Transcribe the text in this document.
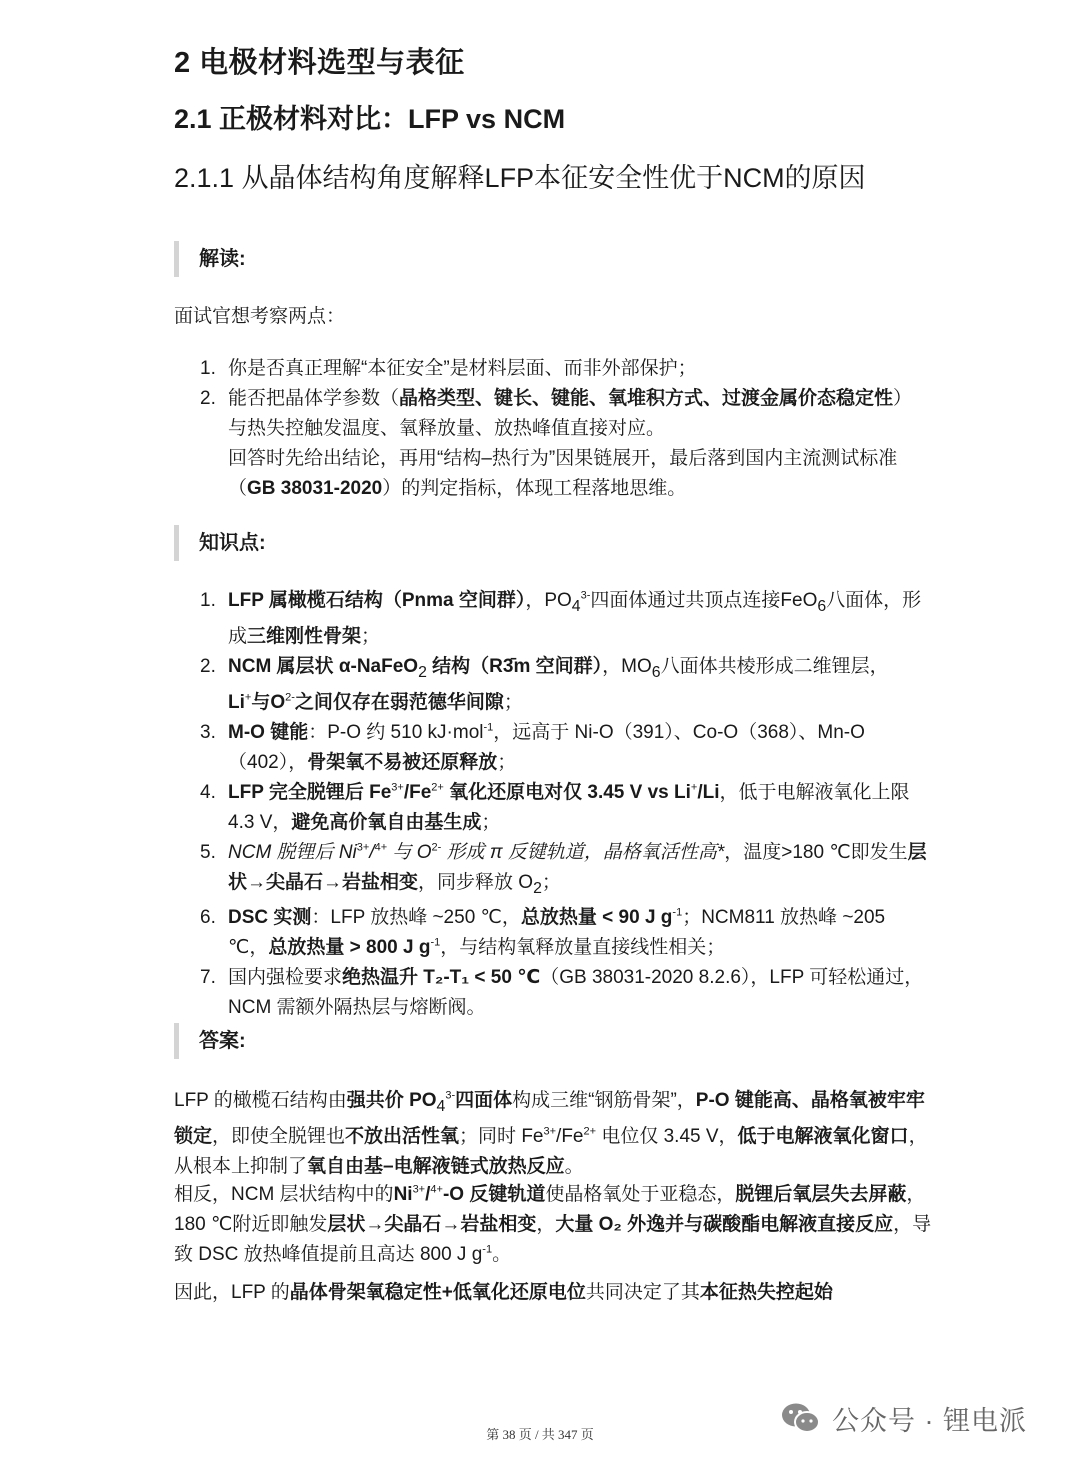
2 电极材料选型与表征
2.1 正极材料对比：LFP vs NCM
2.1.1 从晶体结构角度解释LFP本征安全性优于NCM的原因
解读:

面试官想考察两点：

1. 你是否真正理解“本征安全”是材料层面、而非外部保护；
2. 能否把晶体学参数（晶格类型、键长、键能、氧堆积方式、过渡金属价态稳定性）与热失控触发温度、氧释放量、放热峰值直接对应。
回答时先给出结论，再用“结构–热行为”因果链展开，最后落到国内主流测试标准（GB 38031-2020）的判定指标，体现工程落地思维。
知识点:
1. LFP 属橄榄石结构（Pnma 空间群），$PO_4^{3-}$四面体通过共顶点连接FeO$_6$八面体，形成三维刚性骨架；
2. NCM 属层状 α-NaFeO$_2$ 结构（R3̄m 空间群），$MO_6$八面体共棱形成二维锂层，Li+与$O^{2-}$之间仅存在弱范德华间隙；
3. M-O 键能：P-O 约 510 kJ·mol$^{-1}$，远高于 Ni-O（391）、Co-O（368）、Mn-O（402），骨架氧不易被还原释放；
4. LFP 完全脱锂后 $Fe^{3+}/Fe^{2+}$ 氧化还原电对仅 3.45 V vs Li+/Li，低于电解液氧化上限 4.3 V，避免高价氧自由基生成；
5. NCM 脱锂后 $Ni^{3+}/^{4+}$ 与 $O^{2-}$ 形成 π 反键轨道，晶格氧活性高*，温度>180 ℃即发生层状→尖晶石→岩盐相变，同步释放 $O_2$；
6. DSC 实测：LFP 放热峰 ~250 ℃，总放热量 < 90 J $g^{-1}$；NCM811 放热峰 ~205 ℃，总放热量 > 800 J $g^{-1}$，与结构氧释放量直接线性相关；
7. 国内强检要求绝热温升 T₂-T₁ < 50 ℃（GB 38031-2020 8.2.6），LFP 可轻松通过，NCM 需额外隔热层与熔断阀。
答案:

LFP 的橄榄石结构由强共价 $PO_4^{3-}$四面体构成三维“钢筋骨架”，P-O 键能高、晶格氧被牢牢锁定，即使全脱锂也不放出活性氧；同时 $Fe^{3+}/Fe^{2+}$ 电位仅 3.45 V，低于电解液氧化窗口，从根本上抑制了氧自由基–电解液链式放热反应。

相反，NCM 层状结构中的$Ni^{3+}/^{4+}-O$ 反键轨道使晶格氧处于亚稳态，脱锂后氧层失去屏蔽，180 ℃附近即触发层状→尖晶石→岩盐相变，大量 O₂ 外逸并与碳酸酯电解液直接反应，导致 DSC 放热峰值提前且高达 800 J $g^{-1}$。

因此，LFP 的晶体骨架氧稳定性+低氧化还原电位共同决定了其本征热失控起始

第 38 页 / 共 347 页	公众号 · 锂电派
